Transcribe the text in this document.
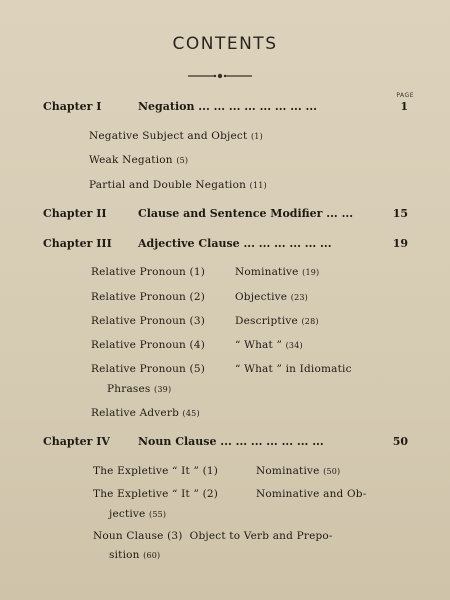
CONTENTS
PAGE
Chapter I	Negation ... ... ... ... ... ... ... ...	1
Negative Subject and Object (1)
Weak Negation (5)
Partial and Double Negation (11)
Chapter II	Clause and Sentence Modifier ... ...	15
Chapter III Adjective Clause ... ... ... ... ... ...	19
Relative Pronoun (1)	Nominative (19)
Relative Pronoun (2)	Objective (23)
Relative Pronoun (3)	Descriptive (28)
Relative Pronoun (4)	“ What ” (34)
Relative Pronoun (5)	“ What ” in Idiomatic
Phrases (39)
Relative Adverb (45)
Chapter IV	Noun Clause ... ... ... ... ... ... ...	50
The Expletive “ It ” (1)	Nominative (50)
The Expletive “ It ” (2)	Nominative and Ob-
jective (55)
Noun Clause (3)  Object to Verb and Prepo-
sition (60)
